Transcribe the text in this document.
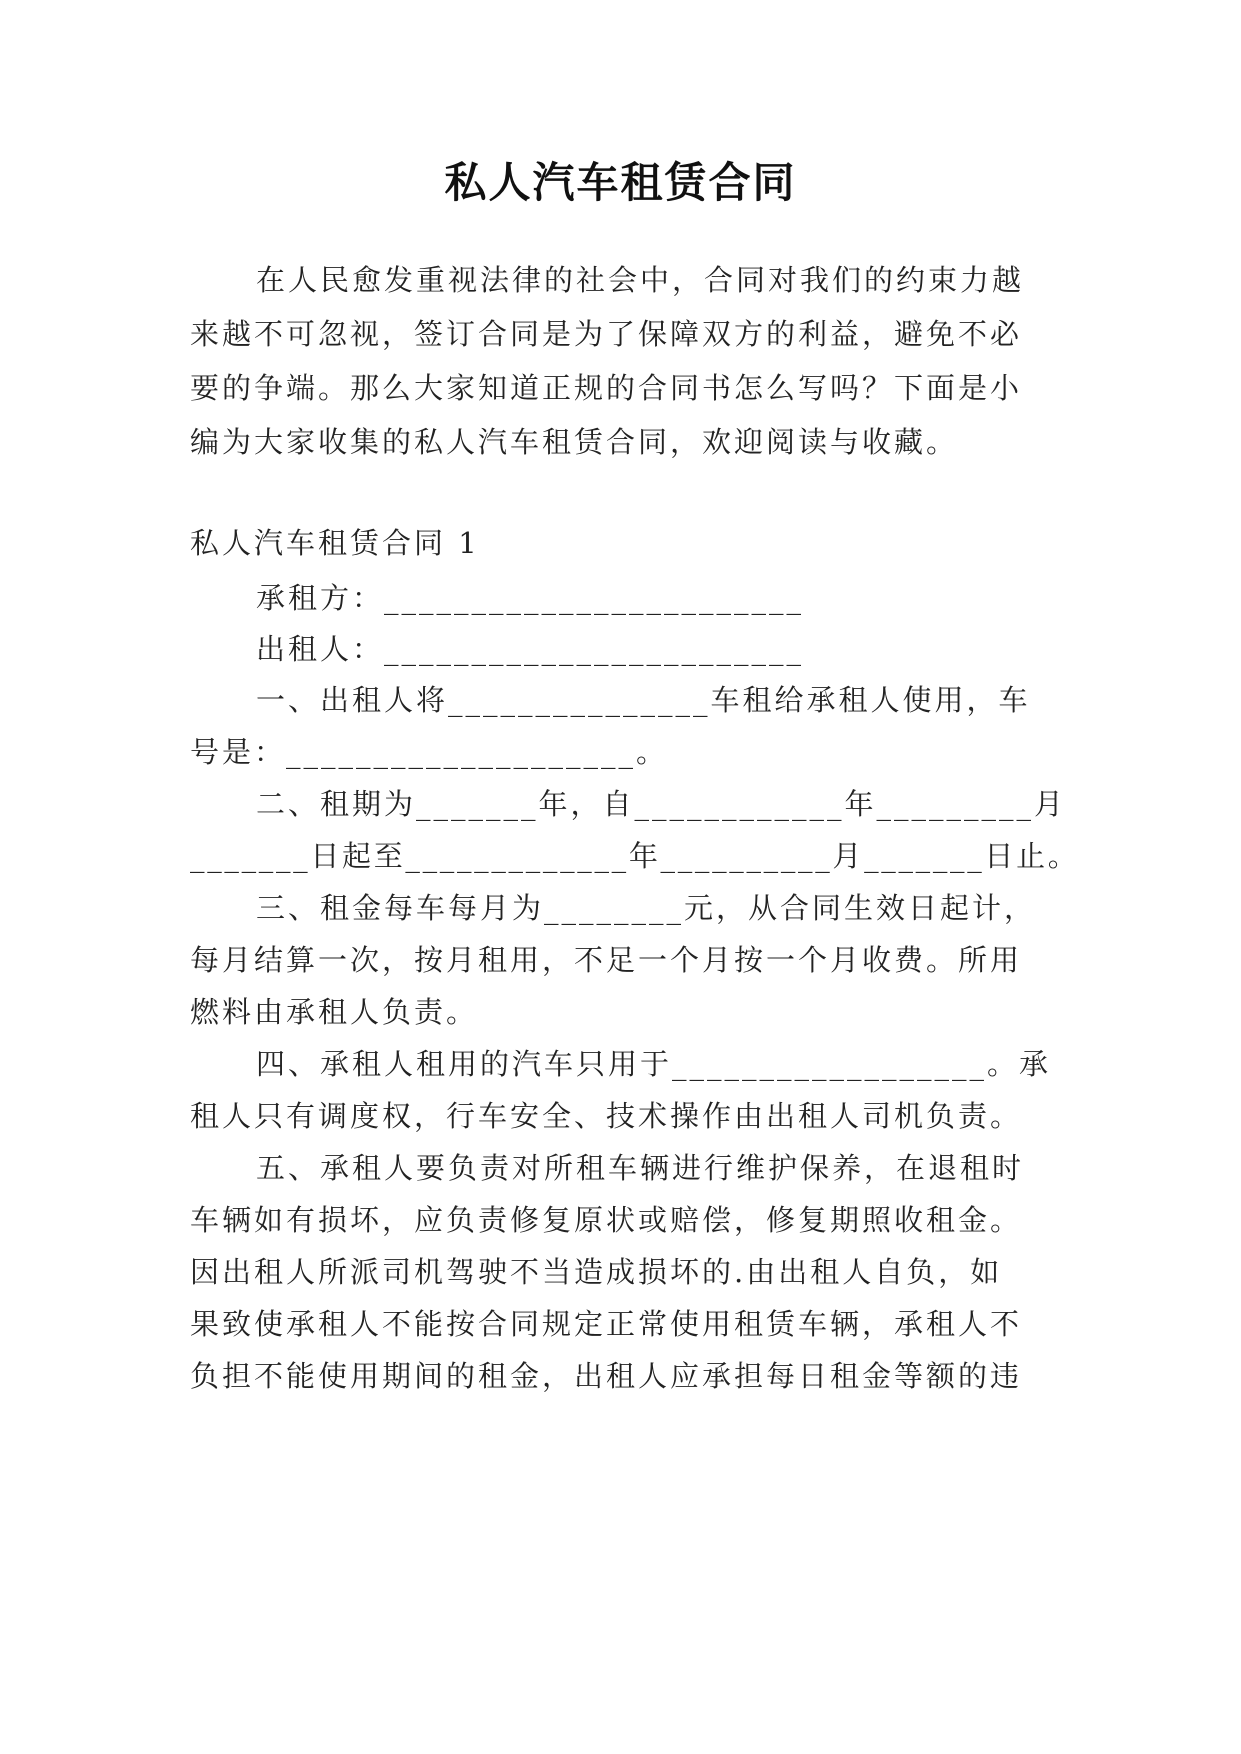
私人汽车租赁合同
在人民愈发重视法律的社会中，合同对我们的约束力越
来越不可忽视，签订合同是为了保障双方的利益，避免不必
要的争端。那么大家知道正规的合同书怎么写吗？下面是小
编为大家收集的私人汽车租赁合同，欢迎阅读与收藏。
私人汽车租赁合同 1
承租方：________________________
出租人：________________________
一、出租人将_______________车租给承租人使用，车
号是：____________________。
二、租期为_______年，自____________年_________月
_______日起至_____________年__________月_______日止。
三、租金每车每月为________元，从合同生效日起计，
每月结算一次，按月租用，不足一个月按一个月收费。所用
燃料由承租人负责。
四、承租人租用的汽车只用于__________________。承
租人只有调度权，行车安全、技术操作由出租人司机负责。
五、承租人要负责对所租车辆进行维护保养，在退租时
车辆如有损坏，应负责修复原状或赔偿，修复期照收租金。
因出租人所派司机驾驶不当造成损坏的.由出租人自负，如
果致使承租人不能按合同规定正常使用租赁车辆，承租人不
负担不能使用期间的租金，出租人应承担每日租金等额的违
